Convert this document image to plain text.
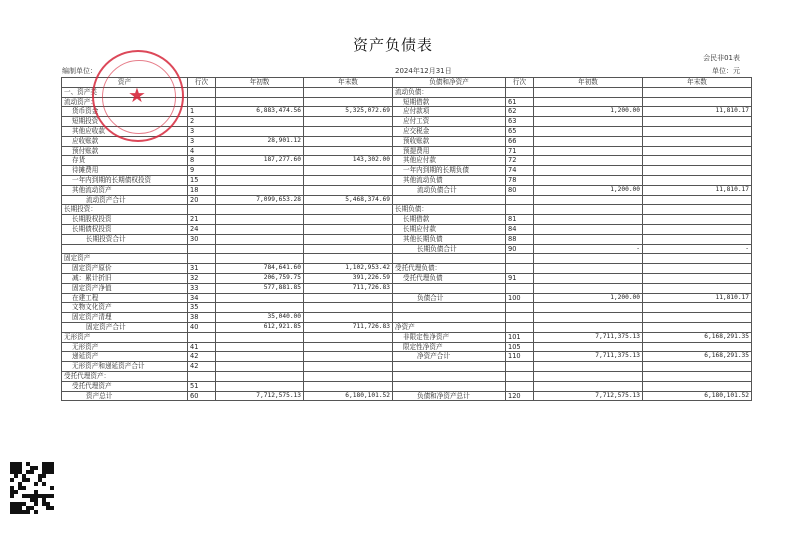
资产负债表
会民非01表
编制单位：	2024年12月31日	单位：元
资产	行次	年初数	年末数	负债和净资产	行次	年初数	年末数
一、资产类				流动负债：			
流动资产：				短期借款	61		
货币资金	1	6,883,474.56	5,325,072.69	应付款项	62	1,200.00	11,810.17
短期投资	2			应付工资	63		
其他应收款	3			应交税金	65		
应收账款	3	28,901.12		预收账款	66		
预付账款	4			预提费用	71		
存货	8	187,277.60	143,302.00	其他应付款	72		
待摊费用	9			一年内到期的长期负债	74		
一年内到期的长期债权投资	15			其他流动负债	78		
其他流动资产	18			流动负债合计	80	1,200.00	11,810.17
流动资产合计	20	7,099,653.28	5,468,374.69				
长期投资：				长期负债：			
长期股权投资	21			长期借款	81		
长期债权投资	24			长期应付款	84		
长期投资合计	30			其他长期负债	88		
				长期负债合计	90	-	-
固定资产							
固定资产原价	31	784,641.60	1,102,953.42	受托代理负债：			
减：累计折旧	32	206,759.75	391,226.59	受托代理负债	91		
固定资产净值	33	577,881.85	711,726.83				
在建工程	34			负债合计	100	1,200.00	11,810.17
文物文化资产	35						
固定资产清理	38	35,040.00					
固定资产合计	40	612,921.85	711,726.83	净资产			
无形资产				非限定性净资产	101	7,711,375.13	6,168,291.35
无形资产	41			限定性净资产	105		
递延资产	42			净资产合计	110	7,711,375.13	6,168,291.35
无形资产和递延资产合计	42						
受托代理资产：							
受托代理资产	51						
资产总计	60	7,712,575.13	6,180,101.52	负债和净资产总计	120	7,712,575.13	6,180,101.52
★
